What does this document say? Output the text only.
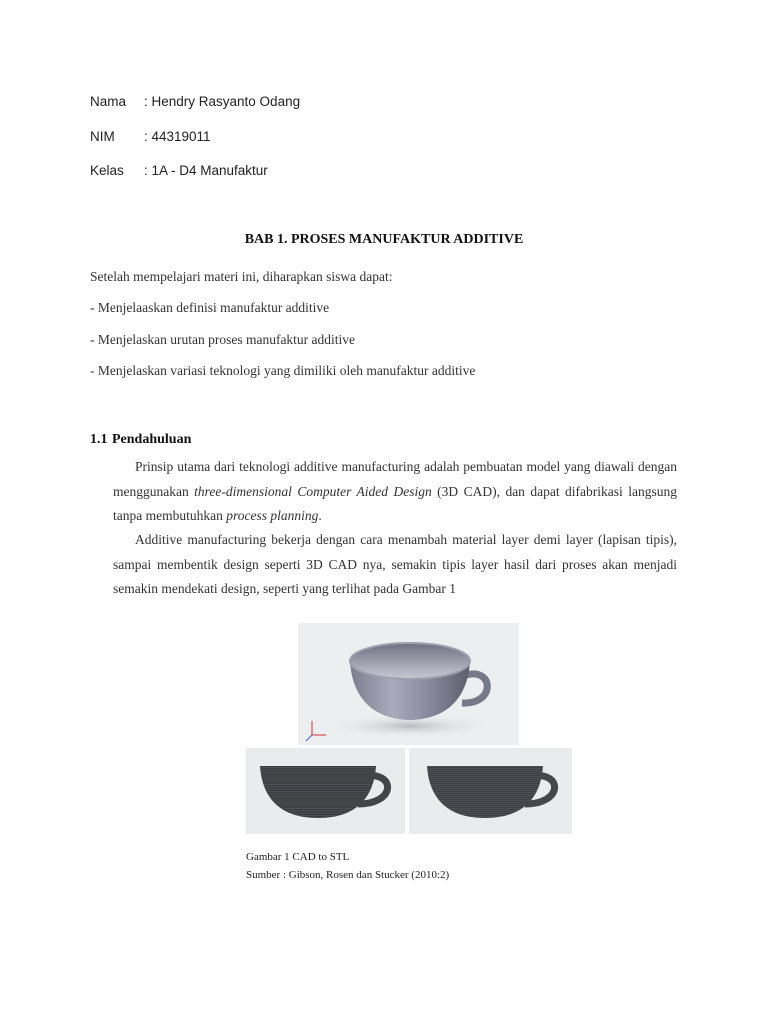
Nama : Hendry Rasyanto Odang
NIM : 44319011
Kelas : 1A - D4 Manufaktur
BAB 1. PROSES MANUFAKTUR ADDITIVE
Setelah mempelajari materi ini, diharapkan siswa dapat:
- Menjelaaskan definisi manufaktur additive
- Menjelaskan urutan proses manufaktur additive
- Menjelaskan variasi teknologi yang dimiliki oleh manufaktur additive
1.1 Pendahuluan

Prinsip utama dari teknologi additive manufacturing adalah pembuatan model yang diawali dengan menggunakan three-dimensional Computer Aided Design (3D CAD), dan dapat difabrikasi langsung tanpa membutuhkan process planning.

Additive manufacturing bekerja dengan cara menambah material layer demi layer (lapisan tipis), sampai membentik design seperti 3D CAD nya, semakin tipis layer hasil dari proses akan menjadi semakin mendekati design, seperti yang terlihat pada Gambar 1

Gambar 1 CAD to STL
Sumber : Gibson, Rosen dan Stucker (2010:2)
